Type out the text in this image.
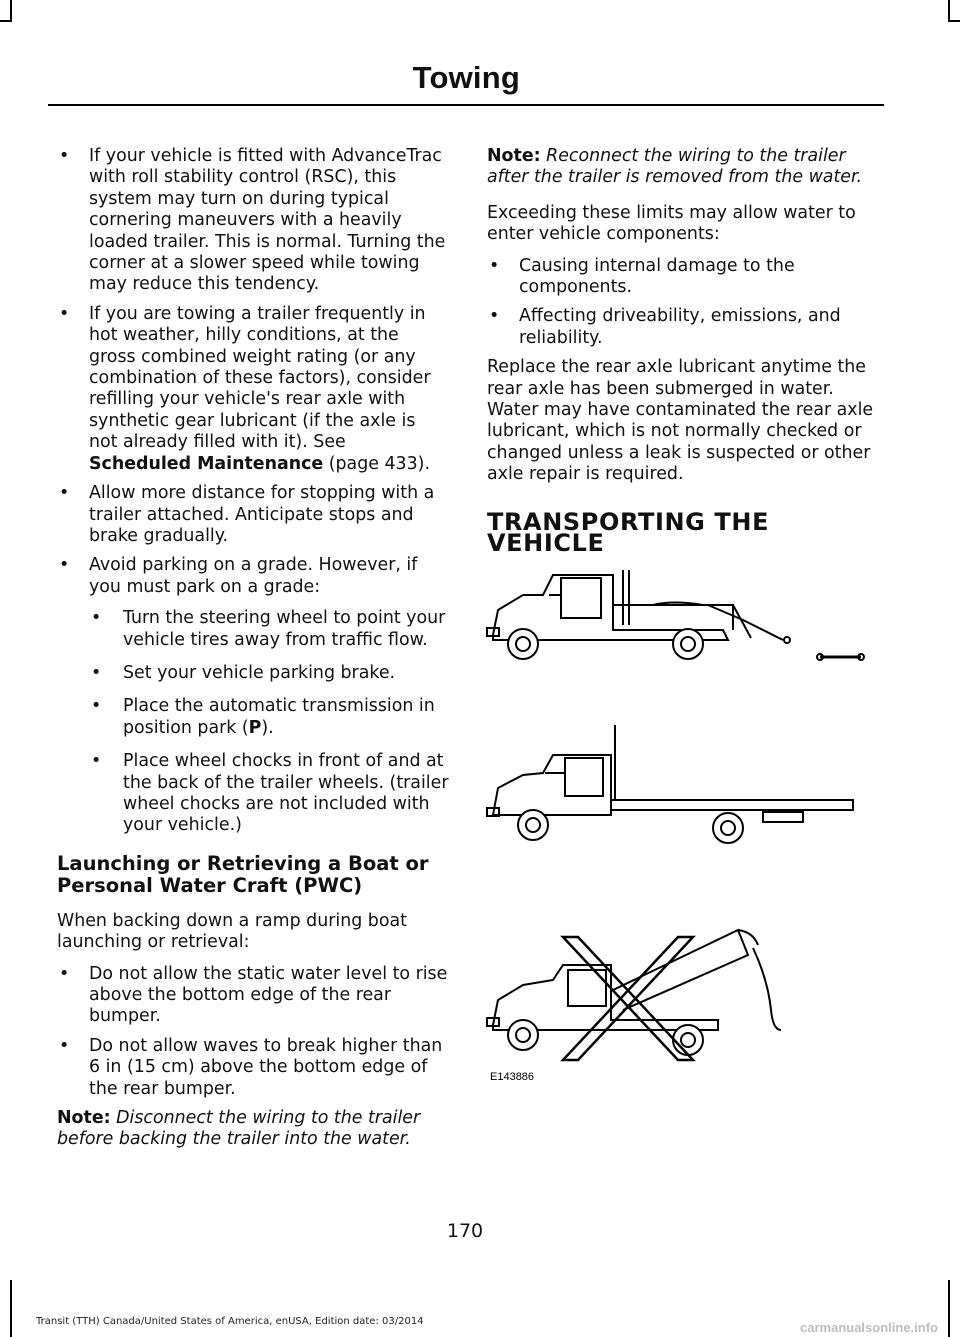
Towing
• If your vehicle is fitted with AdvanceTrac with roll stability control (RSC), this system may turn on during typical cornering maneuvers with a heavily loaded trailer. This is normal. Turning the corner at a slower speed while towing may reduce this tendency.
• If you are towing a trailer frequently in hot weather, hilly conditions, at the gross combined weight rating (or any combination of these factors), consider refilling your vehicle's rear axle with synthetic gear lubricant (if the axle is not already filled with it). See
Scheduled Maintenance (page 433).
• Allow more distance for stopping with a trailer attached. Anticipate stops and brake gradually.
• Avoid parking on a grade. However, if you must park on a grade:
• Turn the steering wheel to point your vehicle tires away from traffic flow.
• Set your vehicle parking brake.
• Place the automatic transmission in position park (P).
• Place wheel chocks in front of and at the back of the trailer wheels. (trailer wheel chocks are not included with your vehicle.)
Launching or Retrieving a Boat or Personal Water Craft (PWC)

When backing down a ramp during boat launching or retrieval:

• Do not allow the static water level to rise above the bottom edge of the rear bumper.
• Do not allow waves to break higher than 6 in (15 cm) above the bottom edge of the rear bumper.

Note: Disconnect the wiring to the trailer before backing the trailer into the water.

Note: Reconnect the wiring to the trailer after the trailer is removed from the water.

Exceeding these limits may allow water to enter vehicle components:

• Causing internal damage to the components.
• Affecting driveability, emissions, and reliability.

Replace the rear axle lubricant anytime the rear axle has been submerged in water. Water may have contaminated the rear axle lubricant, which is not normally checked or changed unless a leak is suspected or other axle repair is required.

TRANSPORTING THE VEHICLE
E143886
170
Transit (TTH) Canada/United States of America, enUSA, Edition date: 03/2014	carmanualsonline.info
